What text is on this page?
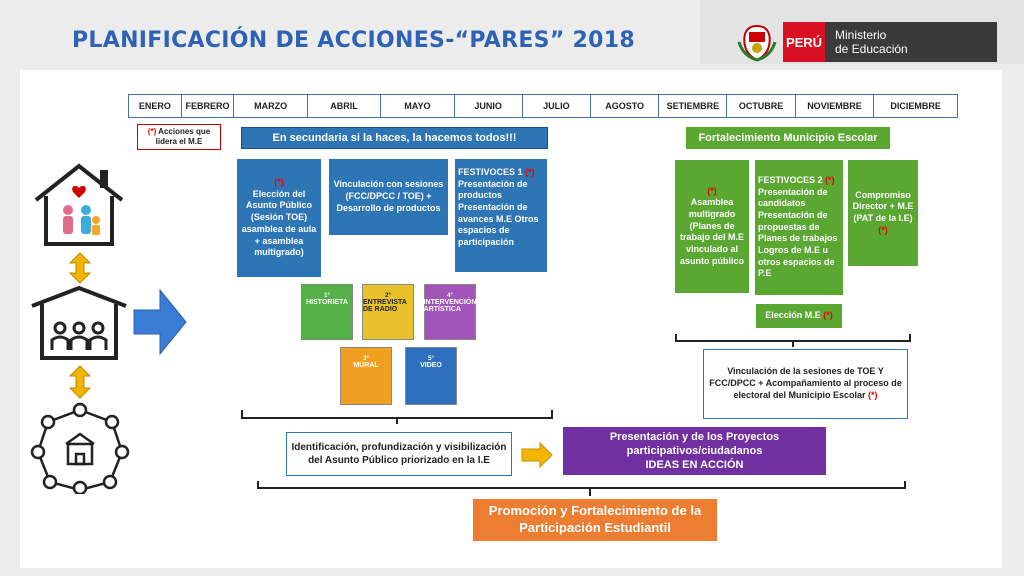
PLANIFICACIÓN DE ACCIONES-“PARES” 2018	PERÚ Ministerio
de Educación
ENERO	FEBRERO	MARZO	ABRIL	MAYO	JUNIO	JULIO	AGOSTO	SETIEMBRE	OCTUBRE	NOVIEMBRE	DICIEMBRE
(*) Acciones que lidera el M.E	En secundaria si la haces, la hacemos todos!!!	Fortalecimiento Municipio Escolar
(*)
Elección del Asunto Público (Sesión TOE) asamblea de aula + asamblea multigrado)
Vinculación con sesiones (FCC/DPCC / TOE) + Desarrollo de productos
FESTIVOCES 1 (*)
Presentación de productos Presentación de avances M.E Otros espacios de participación
(*)
Asamblea multigrado (Planes de trabajo del M.E vinculado al asunto público
FESTIVOCES 2 (*)
Presentación de candidatos Presentación de propuestas de Planes de trabajos Logros de M.E u otros espacios de P.E
Compromiso Director + M.E (PAT de la I.E)
(*)
Elección M.E (*)
1°
HISTORIETA
2°
ENTREVISTA DE RADIO
4°
INTERVENCIÓN ARTÍSTICA
3°
MURAL
5°
VIDEO
Vinculación de la sesiones de TOE Y FCC/DPCC + Acompañamiento al proceso de electoral del Municipio Escolar (*)
Identificación, profundización y visibilización del Asunto Público priorizado en la I.E
Presentación y de los Proyectos participativos/ciudadanos
IDEAS EN ACCIÓN
Promoción y Fortalecimiento de la Participación Estudiantil
